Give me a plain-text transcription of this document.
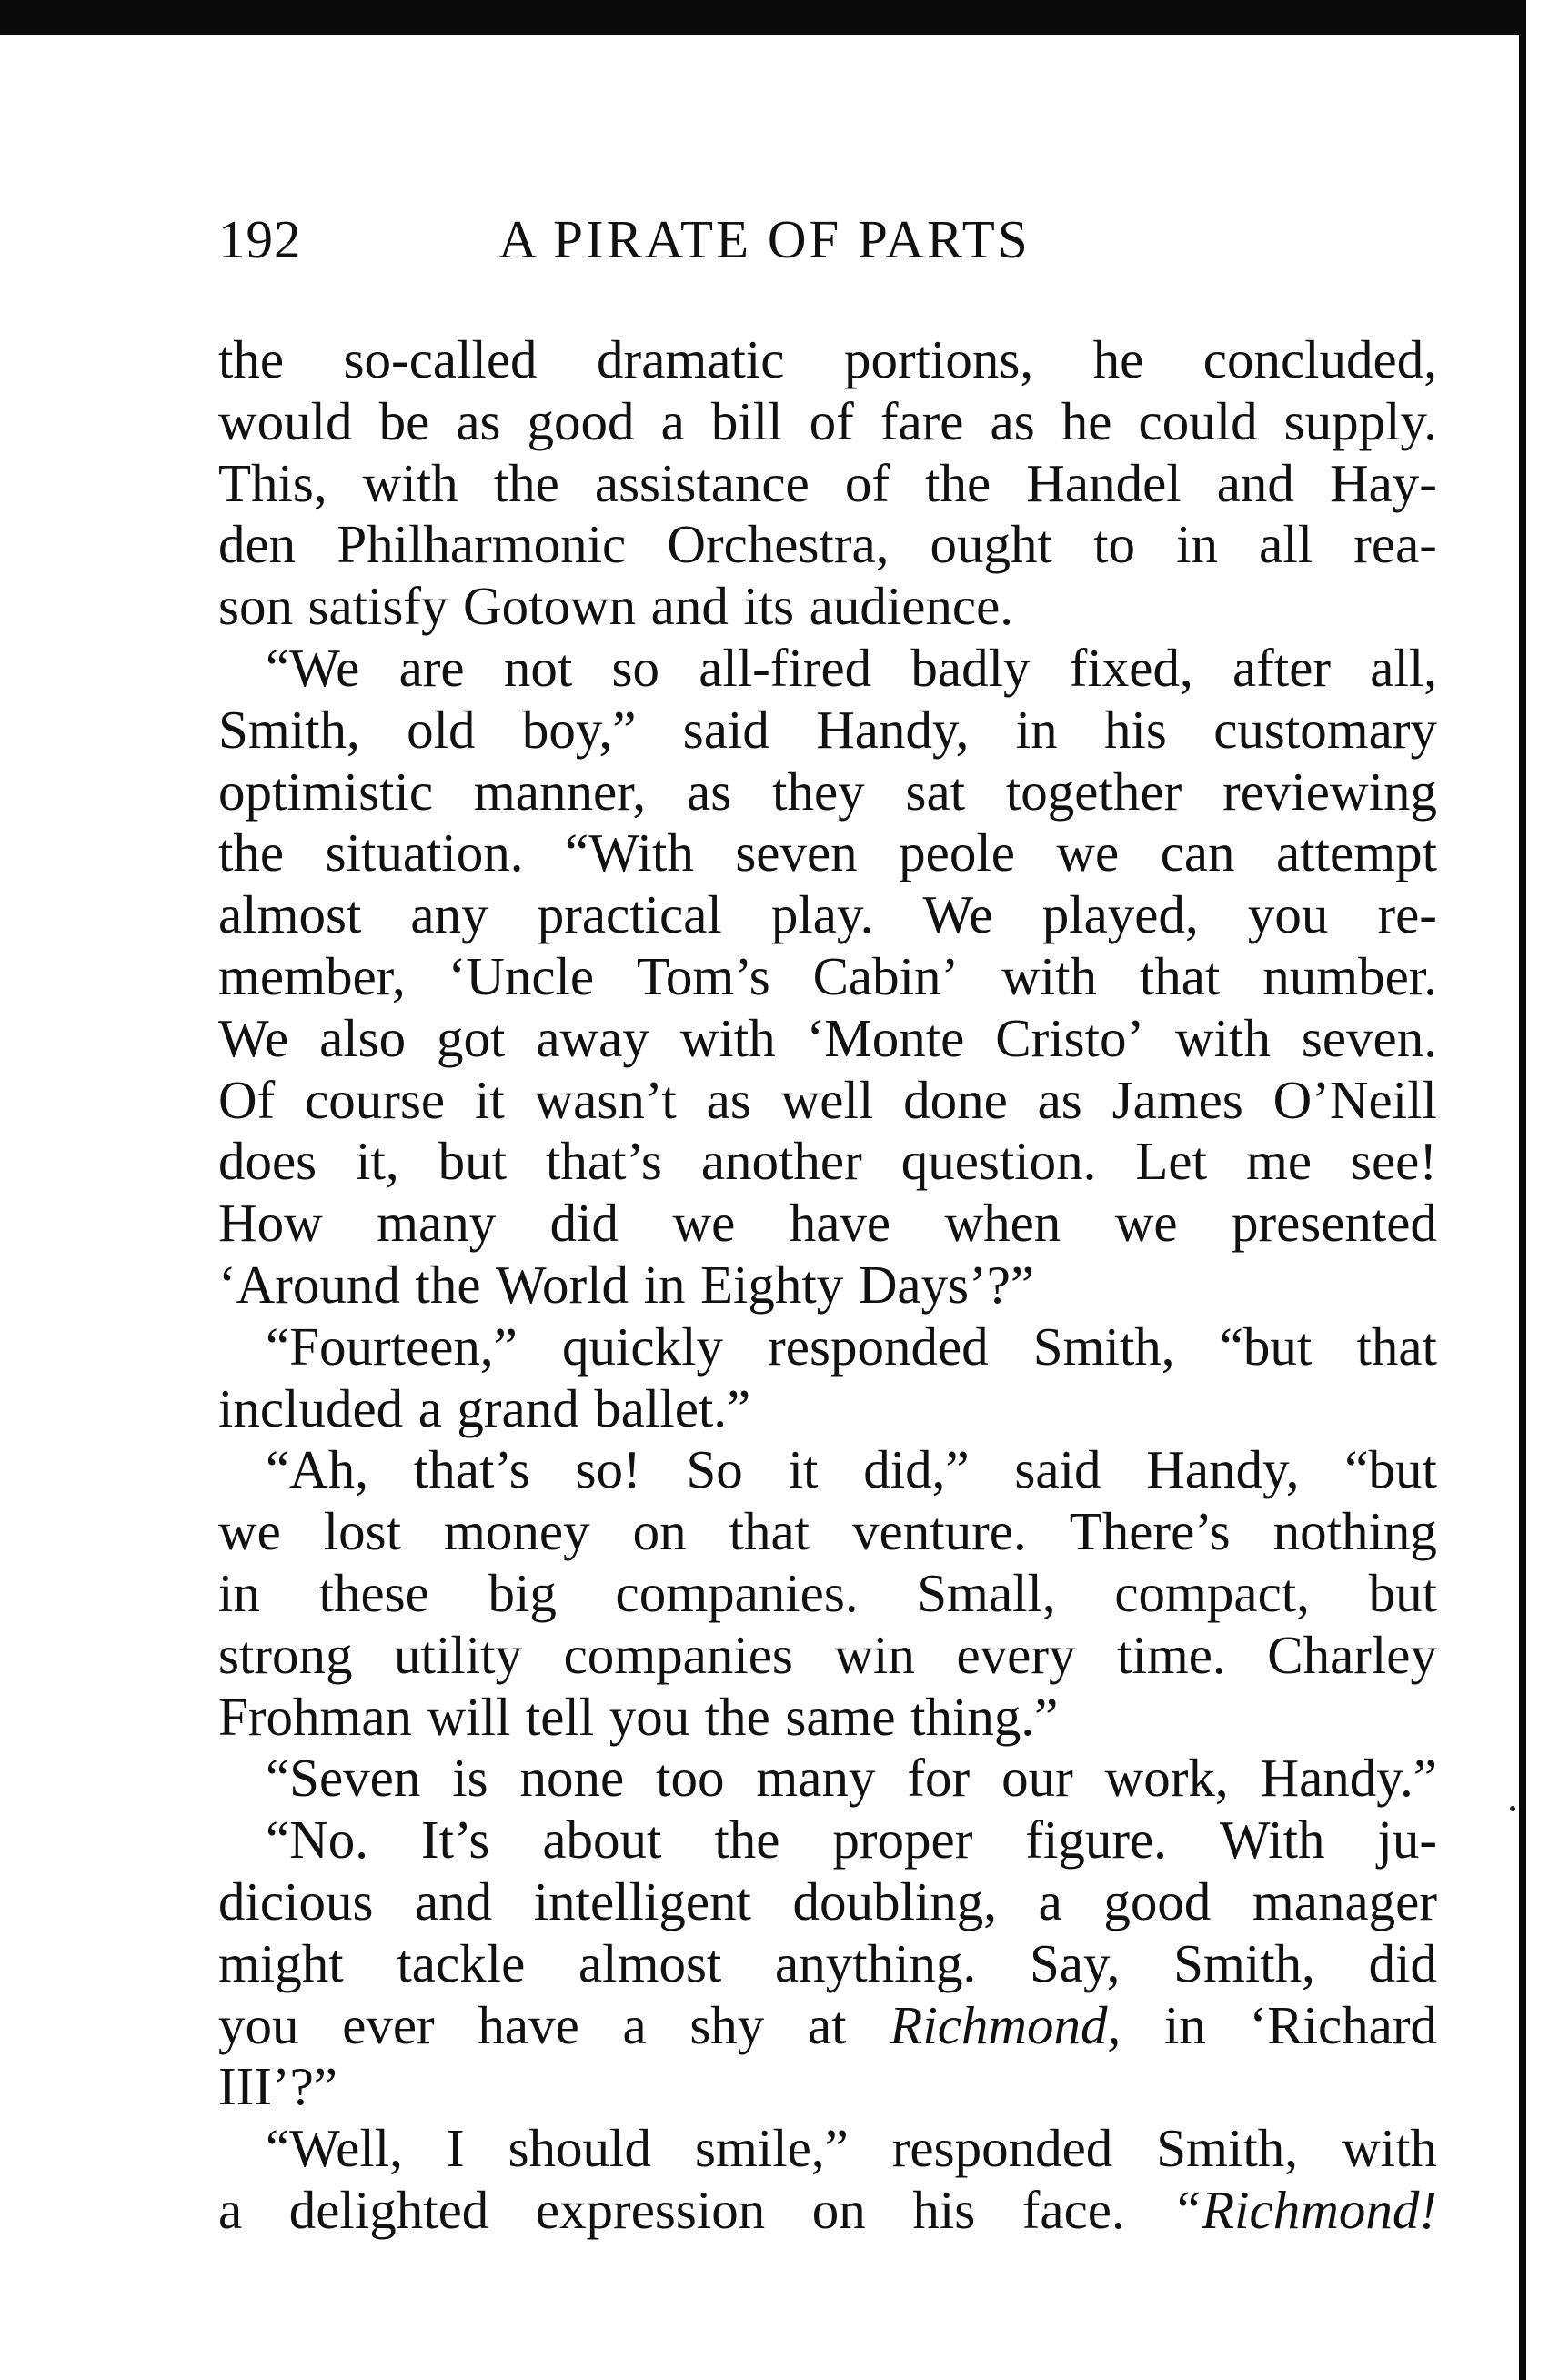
192	A PIRATE OF PARTS
the so-called dramatic portions, he concluded,
would be as good a bill of fare as he could supply.
This, with the assistance of the Handel and Hay-
den Philharmonic Orchestra, ought to in all rea-
son satisfy Gotown and its audience.
“We are not so all-fired badly fixed, after all,
Smith, old boy,” said Handy, in his customary
optimistic manner, as they sat together reviewing
the situation. “With seven peole we can attempt
almost any practical play. We played, you re-
member, ‘Uncle Tom’s Cabin’ with that number.
We also got away with ‘Monte Cristo’ with seven.
Of course it wasn’t as well done as James O’Neill
does it, but that’s another question. Let me see!
How many did we have when we presented
‘Around the World in Eighty Days’?”
“Fourteen,” quickly responded Smith, “but that
included a grand ballet.”
“Ah, that’s so! So it did,” said Handy, “but
we lost money on that venture. There’s nothing
in these big companies. Small, compact, but
strong utility companies win every time. Charley
Frohman will tell you the same thing.”
“Seven is none too many for our work, Handy.”
“No. It’s about the proper figure. With ju-
dicious and intelligent doubling, a good manager
might tackle almost anything. Say, Smith, did
you ever have a shy at Richmond, in ‘Richard
III’?”
“Well, I should smile,” responded Smith, with
a delighted expression on his face. “Richmond!
